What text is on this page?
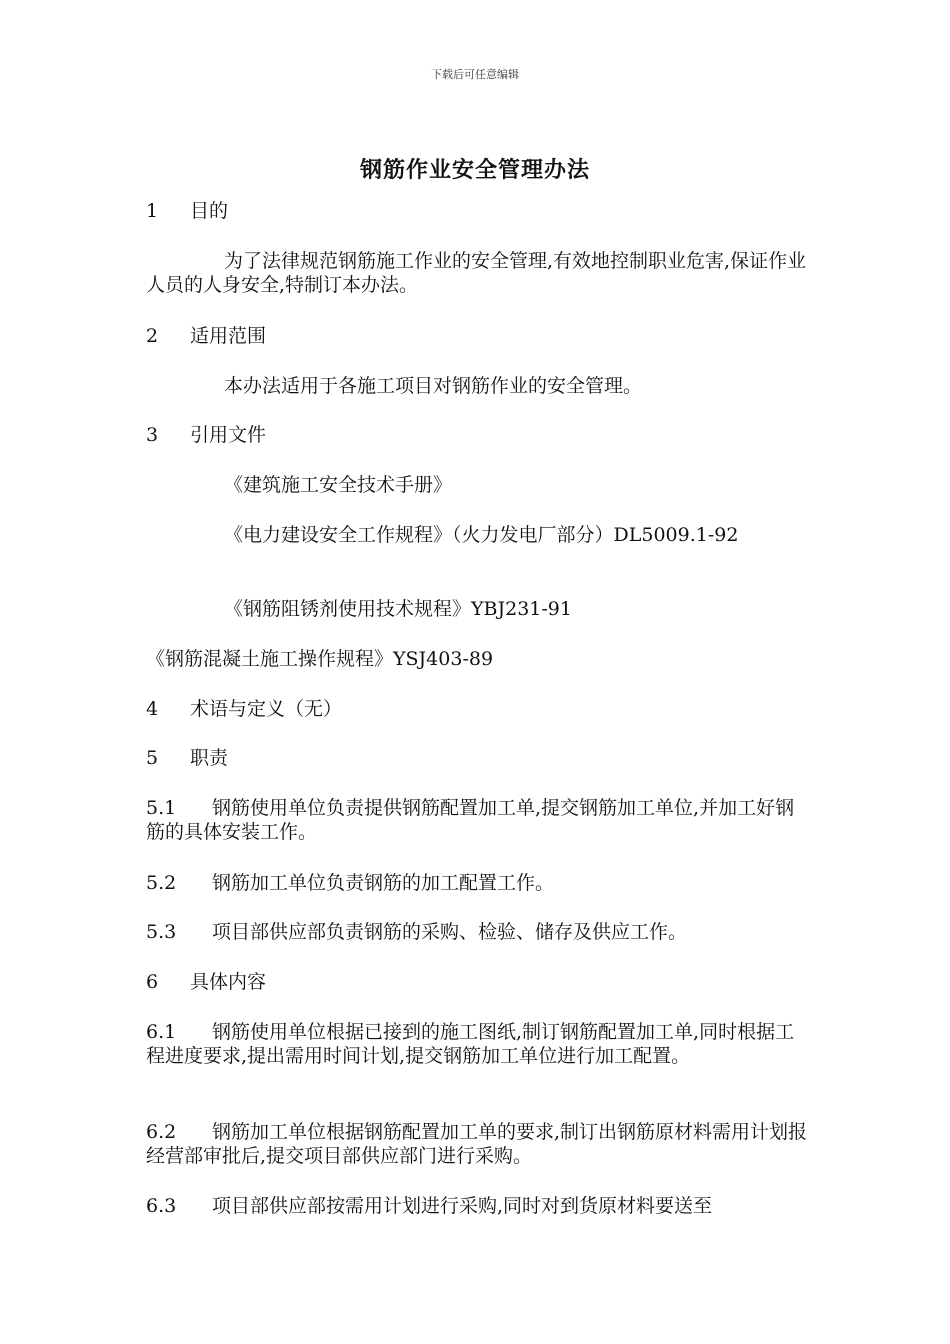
下载后可任意编辑
钢筋作业安全管理办法
1 目的
为了法律规范钢筋施工作业的安全管理,有效地控制职业危害,保证作业人员的人身安全,特制订本办法。
2 适用范围
本办法适用于各施工项目对钢筋作业的安全管理。
3 引用文件
《建筑施工安全技术手册》
《电力建设安全工作规程》（火力发电厂部分）DL5009.1-92
《钢筋阻锈剂使用技术规程》YBJ231-91
《钢筋混凝土施工操作规程》YSJ403-89
4 术语与定义（无）
5 职责
5.1 钢筋使用单位负责提供钢筋配置加工单,提交钢筋加工单位,并加工好钢筋的具体安装工作。
5.2 钢筋加工单位负责钢筋的加工配置工作。
5.3 项目部供应部负责钢筋的采购、检验、储存及供应工作。
6 具体内容
6.1 钢筋使用单位根据已接到的施工图纸,制订钢筋配置加工单,同时根据工程进度要求,提出需用时间计划,提交钢筋加工单位进行加工配置。
6.2 钢筋加工单位根据钢筋配置加工单的要求,制订出钢筋原材料需用计划报经营部审批后,提交项目部供应部门进行采购。
6.3 项目部供应部按需用计划进行采购,同时对到货原材料要送至
